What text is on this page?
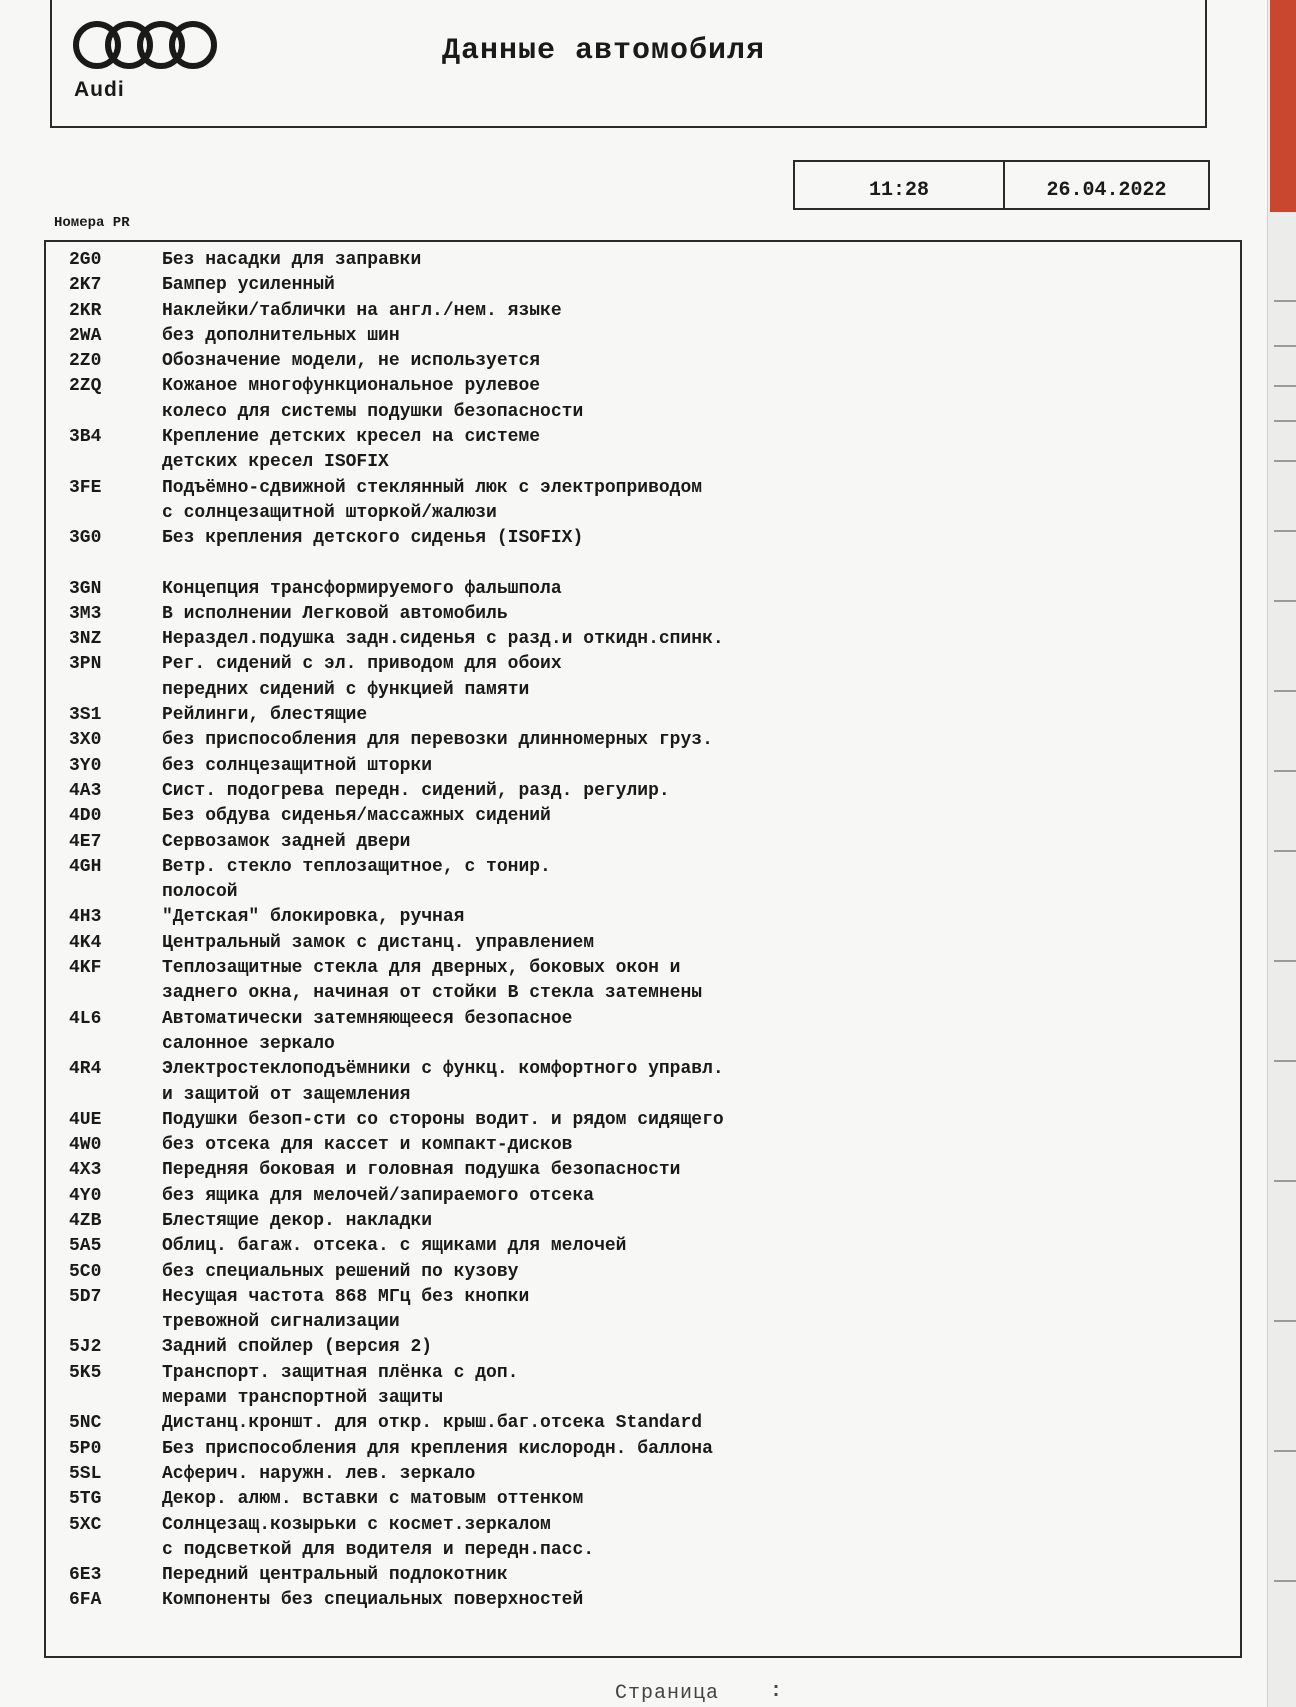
Audi
Данные автомобиля
11:28	26.04.2022
Номера PR
2G0	Без насадки для заправки
2K7	Бампер усиленный
2KR	Наклейки/таблички на англ./нем. языке
2WA	без дополнительных шин
2Z0	Обозначение модели, не используется
2ZQ	Кожаное многофункциональное рулевое
колесо для системы подушки безопасности
3B4	Крепление детских кресел на системе
детских кресел ISOFIX
3FE	Подъёмно-сдвижной стеклянный люк с электроприводом
с солнцезащитной шторкой/жалюзи
3G0	Без крепления детского сиденья (ISOFIX)
3GN	Концепция трансформируемого фальшпола
3M3	В исполнении Легковой автомобиль
3NZ	Нераздел.подушка задн.сиденья с разд.и откидн.спинк.
3PN	Рег. сидений с эл. приводом для обоих
передних сидений с функцией памяти
3S1	Рейлинги, блестящие
3X0	без приспособления для перевозки длинномерных груз.
3Y0	без солнцезащитной шторки
4A3	Сист. подогрева передн. сидений, разд. регулир.
4D0	Без обдува сиденья/массажных сидений
4E7	Сервозамок задней двери
4GH	Ветр. стекло теплозащитное, с тонир.
полосой
4H3	"Детская" блокировка, ручная
4K4	Центральный замок с дистанц. управлением
4KF	Теплозащитные стекла для дверных, боковых окон и
заднего окна, начиная от стойки В стекла затемнены
4L6	Автоматически затемняющееся безопасное
салонное зеркало
4R4	Электростеклоподъёмники с функц. комфортного управл.
и защитой от защемления
4UE	Подушки безоп-сти со стороны водит. и рядом сидящего
4W0	без отсека для кассет и компакт-дисков
4X3	Передняя боковая и головная подушка безопасности
4Y0	без ящика для мелочей/запираемого отсека
4ZB	Блестящие декор. накладки
5A5	Облиц. багаж. отсека. с ящиками для мелочей
5C0	без специальных решений по кузову
5D7	Несущая частота 868 МГц без кнопки
тревожной сигнализации
5J2	Задний спойлер (версия 2)
5K5	Транспорт. защитная плёнка с доп.
мерами транспортной защиты
5NC	Дистанц.кроншт. для откр. крыш.баг.отсека Standard
5P0	Без приспособления для крепления кислородн. баллона
5SL	Асферич. наружн. лев. зеркало
5TG	Декор. алюм. вставки с матовым оттенком
5XC	Солнцезащ.козырьки с космет.зеркалом
с подсветкой для водителя и передн.пасс.
6E3	Передний центральный подлокотник
6FA	Компоненты без специальных поверхностей
Страница	:
